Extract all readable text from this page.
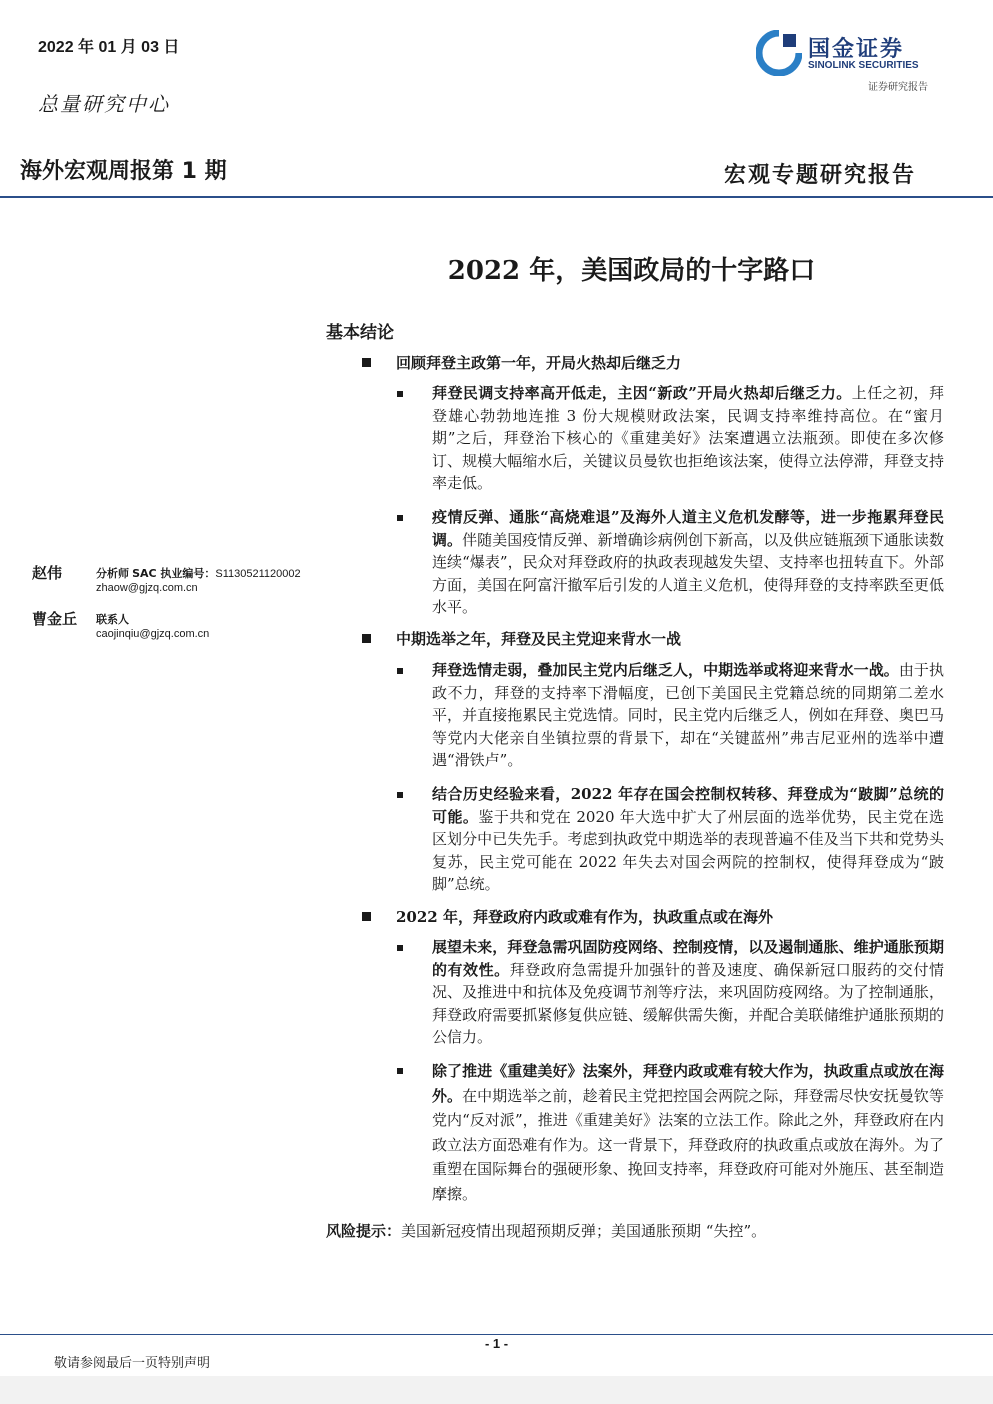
2022 年 01 月 03 日
总量研究中心
国金证券
SINOLINK SECURITIES
证券研究报告
海外宏观周报第 1 期	宏观专题研究报告
2022 年，美国政局的十字路口
赵伟	分析师 SAC 执业编号：S1130521120002
zhaow@gjzq.com.cn
曹金丘 联系人
caojinqiu@gjzq.com.cn
基本结论
回顾拜登主政第一年，开局火热却后继乏力
拜登民调支持率高开低走，主因“新政”开局火热却后继乏力。上任之初，拜登雄心勃勃地连推 3 份大规模财政法案，民调支持率维持高位。在“蜜月期”之后，拜登治下核心的《重建美好》法案遭遇立法瓶颈。即使在多次修订、规模大幅缩水后，关键议员曼钦也拒绝该法案，使得立法停滞，拜登支持率走低。
疫情反弹、通胀“高烧难退”及海外人道主义危机发酵等，进一步拖累拜登民调。伴随美国疫情反弹、新增确诊病例创下新高，以及供应链瓶颈下通胀读数连续“爆表”，民众对拜登政府的执政表现越发失望、支持率也扭转直下。外部方面，美国在阿富汗撤军后引发的人道主义危机，使得拜登的支持率跌至更低水平。
中期选举之年，拜登及民主党迎来背水一战
拜登选情走弱，叠加民主党内后继乏人，中期选举或将迎来背水一战。由于执政不力，拜登的支持率下滑幅度，已创下美国民主党籍总统的同期第二差水平，并直接拖累民主党选情。同时，民主党内后继乏人，例如在拜登、奥巴马等党内大佬亲自坐镇拉票的背景下，却在“关键蓝州”弗吉尼亚州的选举中遭遇“滑铁卢”。
结合历史经验来看，2022 年存在国会控制权转移、拜登成为“跛脚”总统的可能。鉴于共和党在 2020 年大选中扩大了州层面的选举优势，民主党在选区划分中已失先手。考虑到执政党中期选举的表现普遍不佳及当下共和党势头复苏，民主党可能在 2022 年失去对国会两院的控制权，使得拜登成为“跛脚”总统。
2022 年，拜登政府内政或难有作为，执政重点或在海外
展望未来，拜登急需巩固防疫网络、控制疫情，以及遏制通胀、维护通胀预期的有效性。拜登政府急需提升加强针的普及速度、确保新冠口服药的交付情况、及推进中和抗体及免疫调节剂等疗法，来巩固防疫网络。为了控制通胀，拜登政府需要抓紧修复供应链、缓解供需失衡，并配合美联储维护通胀预期的公信力。
除了推进《重建美好》法案外，拜登内政或难有较大作为，执政重点或放在海外。在中期选举之前，趁着民主党把控国会两院之际，拜登需尽快安抚曼钦等党内“反对派”，推进《重建美好》法案的立法工作。除此之外，拜登政府在内政立法方面恐难有作为。这一背景下，拜登政府的执政重点或放在海外。为了重塑在国际舞台的强硬形象、挽回支持率，拜登政府可能对外施压、甚至制造摩擦。
风险提示：美国新冠疫情出现超预期反弹；美国通胀预期 “失控”。
- 1 -
敬请参阅最后一页特别声明
